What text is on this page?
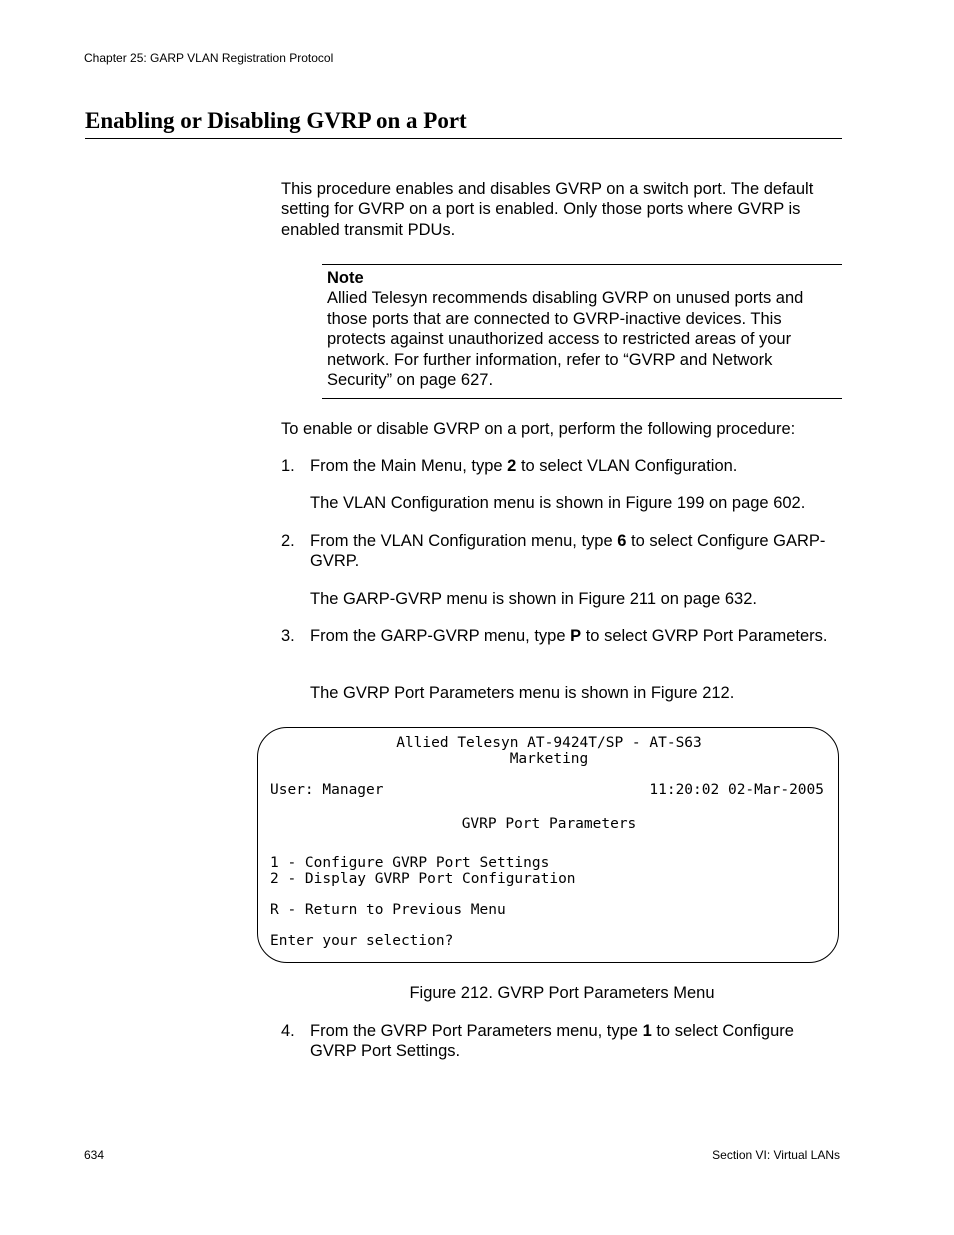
Chapter 25: GARP VLAN Registration Protocol
Enabling or Disabling GVRP on a Port
This procedure enables and disables GVRP on a switch port. The default setting for GVRP on a port is enabled. Only those ports where GVRP is enabled transmit PDUs.
Note
Allied Telesyn recommends disabling GVRP on unused ports and those ports that are connected to GVRP-inactive devices. This protects against unauthorized access to restricted areas of your network. For further information, refer to “GVRP and Network Security” on page 627.
To enable or disable GVRP on a port, perform the following procedure:
1. From the Main Menu, type 2 to select VLAN Configuration.
The VLAN Configuration menu is shown in Figure 199 on page 602.
2. From the VLAN Configuration menu, type 6 to select Configure GARP-GVRP.
The GARP-GVRP menu is shown in Figure 211 on page 632.
3. From the GARP-GVRP menu, type P to select GVRP Port Parameters.
The GVRP Port Parameters menu is shown in Figure 212.
Allied Telesyn AT-9424T/SP - AT-S63
Marketing
User: Manager	11:20:02 02-Mar-2005
GVRP Port Parameters
1 - Configure GVRP Port Settings
2 - Display GVRP Port Configuration
R - Return to Previous Menu
Enter your selection?
Figure 212. GVRP Port Parameters Menu
4. From the GVRP Port Parameters menu, type 1 to select Configure GVRP Port Settings.
634	Section VI: Virtual LANs
